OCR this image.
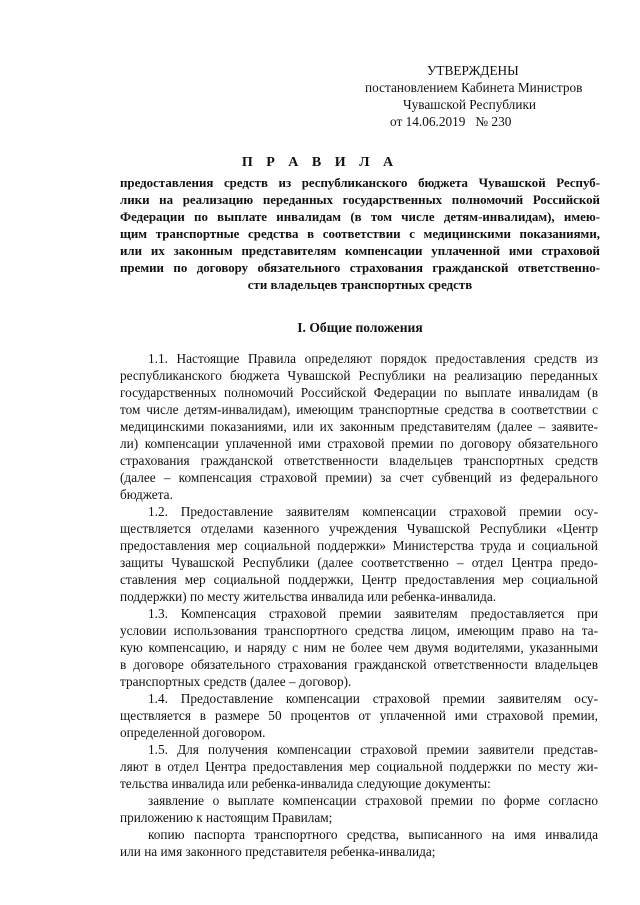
УТВЕРЖДЕНЫ
постановлением Кабинета Министров
Чувашской Республики
от 14.06.2019   № 230
П Р А В И Л А
предоставления средств из республиканского бюджета Чувашской Респуб-
лики на реализацию переданных государственных полномочий Российской
Федерации по выплате инвалидам (в том числе детям-инвалидам), имею-
щим транспортные средства в соответствии с медицинскими показаниями,
или их законным представителям компенсации уплаченной ими страховой
премии по договору обязательного страхования гражданской ответственно-
сти владельцев транспортных средств
I. Общие положения
1.1. Настоящие Правила определяют порядок предоставления средств из
республиканского бюджета Чувашской Республики на реализацию переданных
государственных полномочий Российской Федерации по выплате инвалидам (в
том числе детям-инвалидам), имеющим транспортные средства в соответствии с
медицинскими показаниями, или их законным представителям (далее – заявите-
ли) компенсации уплаченной ими страховой премии по договору обязательного
страхования гражданской ответственности владельцев транспортных средств
(далее – компенсация страховой премии) за счет субвенций из федерального
бюджета.
1.2. Предоставление заявителям компенсации страховой премии осу-
ществляется отделами казенного учреждения Чувашской Республики «Центр
предоставления мер социальной поддержки» Министерства труда и социальной
защиты Чувашской Республики (далее соответственно – отдел Центра предо-
ставления мер социальной поддержки, Центр предоставления мер социальной
поддержки) по месту жительства инвалида или ребенка-инвалида.
1.3. Компенсация страховой премии заявителям предоставляется при
условии использования транспортного средства лицом, имеющим право на та-
кую компенсацию, и наряду с ним не более чем двумя водителями, указанными
в договоре обязательного страхования гражданской ответственности владельцев
транспортных средств (далее – договор).
1.4. Предоставление компенсации страховой премии заявителям осу-
ществляется в размере 50 процентов от уплаченной ими страховой премии,
определенной договором.
1.5. Для получения компенсации страховой премии заявители представ-
ляют в отдел Центра предоставления мер социальной поддержки по месту жи-
тельства инвалида или ребенка-инвалида следующие документы:
заявление о выплате компенсации страховой премии по форме согласно
приложению к настоящим Правилам;
копию паспорта транспортного средства, выписанного на имя инвалида
или на имя законного представителя ребенка-инвалида;
